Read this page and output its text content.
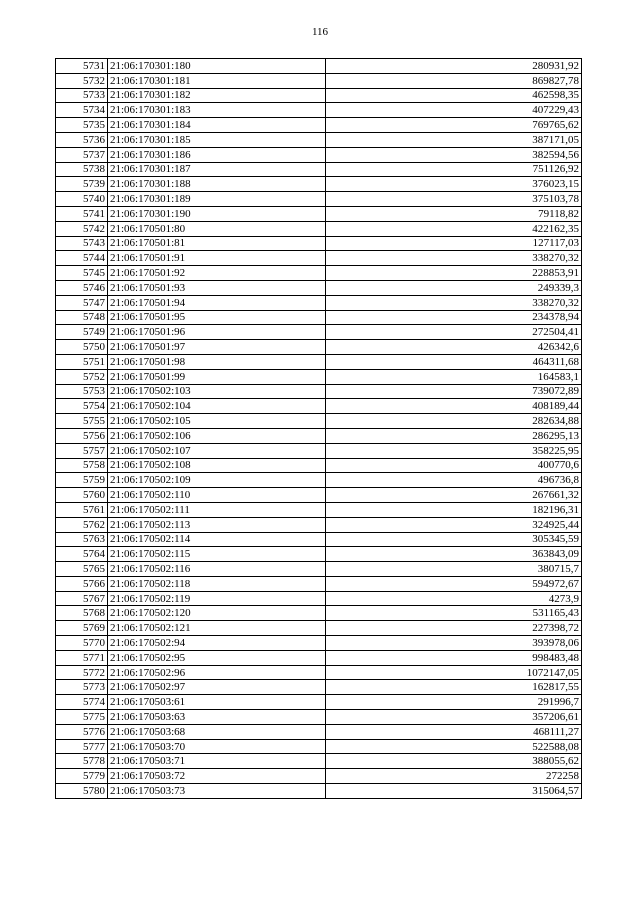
116
5731	21:06:170301:180	280931,92
5732	21:06:170301:181	869827,78
5733	21:06:170301:182	462598,35
5734	21:06:170301:183	407229,43
5735	21:06:170301:184	769765,62
5736	21:06:170301:185	387171,05
5737	21:06:170301:186	382594,56
5738	21:06:170301:187	751126,92
5739	21:06:170301:188	376023,15
5740	21:06:170301:189	375103,78
5741	21:06:170301:190	79118,82
5742	21:06:170501:80	422162,35
5743	21:06:170501:81	127117,03
5744	21:06:170501:91	338270,32
5745	21:06:170501:92	228853,91
5746	21:06:170501:93	249339,3
5747	21:06:170501:94	338270,32
5748	21:06:170501:95	234378,94
5749	21:06:170501:96	272504,41
5750	21:06:170501:97	426342,6
5751	21:06:170501:98	464311,68
5752	21:06:170501:99	164583,1
5753	21:06:170502:103	739072,89
5754	21:06:170502:104	408189,44
5755	21:06:170502:105	282634,88
5756	21:06:170502:106	286295,13
5757	21:06:170502:107	358225,95
5758	21:06:170502:108	400770,6
5759	21:06:170502:109	496736,8
5760	21:06:170502:110	267661,32
5761	21:06:170502:111	182196,31
5762	21:06:170502:113	324925,44
5763	21:06:170502:114	305345,59
5764	21:06:170502:115	363843,09
5765	21:06:170502:116	380715,7
5766	21:06:170502:118	594972,67
5767	21:06:170502:119	4273,9
5768	21:06:170502:120	531165,43
5769	21:06:170502:121	227398,72
5770	21:06:170502:94	393978,06
5771	21:06:170502:95	998483,48
5772	21:06:170502:96	1072147,05
5773	21:06:170502:97	162817,55
5774	21:06:170503:61	291996,7
5775	21:06:170503:63	357206,61
5776	21:06:170503:68	468111,27
5777	21:06:170503:70	522588,08
5778	21:06:170503:71	388055,62
5779	21:06:170503:72	272258
5780	21:06:170503:73	315064,57
